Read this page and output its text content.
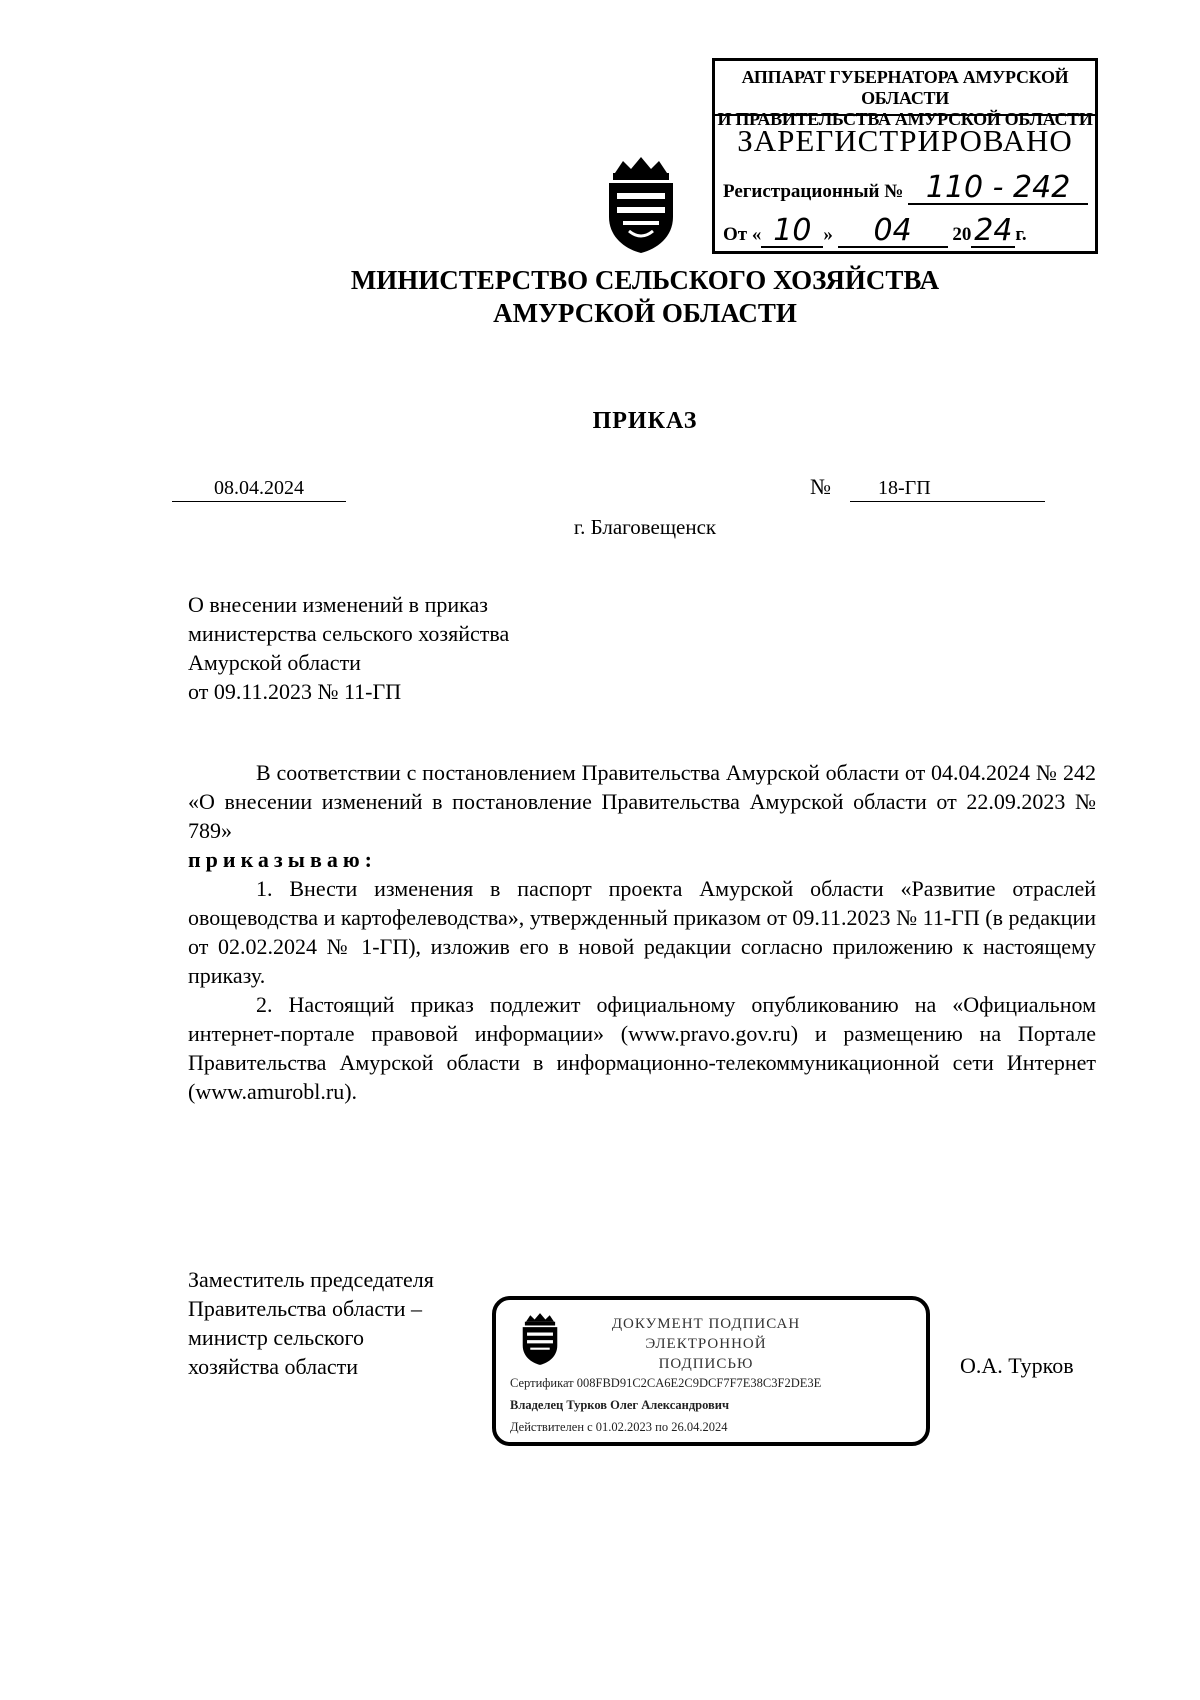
АППАРАТ ГУБЕРНАТОРА АМУРСКОЙ ОБЛАСТИ
И ПРАВИТЕЛЬСТВА АМУРСКОЙ ОБЛАСТИ
ЗАРЕГИСТРИРОВАНО
Регистрационный № 110 - 242
От « 10 » 04 2024 г.
МИНИСТЕРСТВО СЕЛЬСКОГО ХОЗЯЙСТВА
АМУРСКОЙ ОБЛАСТИ
ПРИКАЗ
08.04.2024	№	18-ГП
г. Благовещенск
О внесении изменений в приказ
министерства сельского хозяйства
Амурской области
от 09.11.2023 № 11-ГП

В соответствии с постановлением Правительства Амурской области от 04.04.2024 № 242 «О внесении изменений в постановление Правительства Амурской области от 22.09.2023 № 789»

приказываю:

1. Внести изменения в паспорт проекта Амурской области «Развитие отраслей овощеводства и картофелеводства», утвержденный приказом от 09.11.2023 № 11-ГП (в редакции от 02.02.2024 № 1-ГП), изложив его в новой редакции согласно приложению к настоящему приказу.

2. Настоящий приказ подлежит официальному опубликованию на «Официальном интернет-портале правовой информации» (www.pravo.gov.ru) и размещению на Портале Правительства Амурской области в информационно-телекоммуникационной сети Интернет (www.amurobl.ru).

Заместитель председателя
Правительства области –
министр сельского
хозяйства области
ДОКУМЕНТ ПОДПИСАН
ЭЛЕКТРОННОЙ ПОДПИСЬЮ
Сертификат 008FBD91C2CA6E2C9DCF7F7E38C3F2DE3E
Владелец Турков Олег Александрович
Действителен с 01.02.2023 по 26.04.2024
О.А. Турков
